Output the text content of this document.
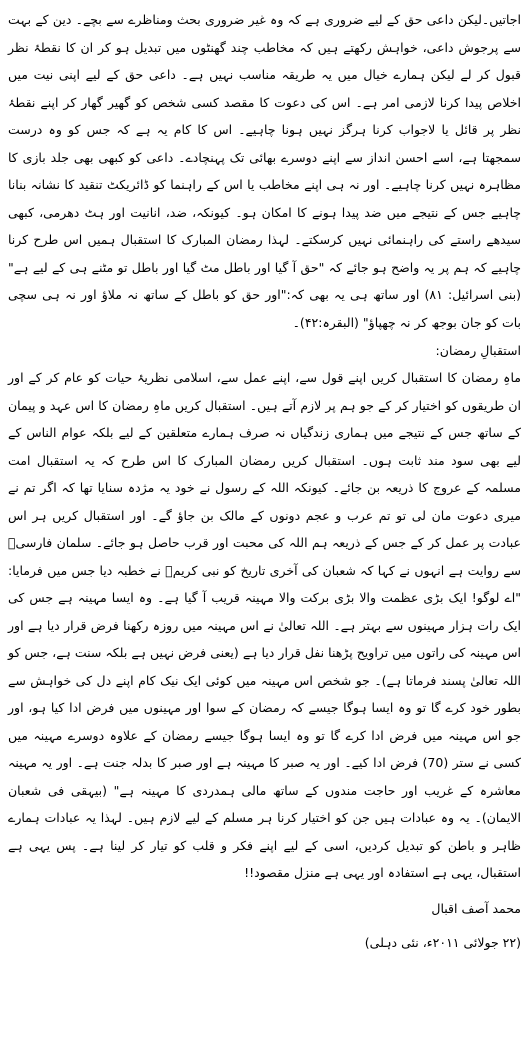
اجاتیں۔لیکن داعی حق کے لیے ضروری ہے کہ وہ غیر ضروری بحث ومناظرے سے بچے۔ دین کے بہت سے پرجوش داعی، خواہش رکھتے ہیں کہ مخاطب چند گھنٹوں میں تبدیل ہو کر ان کا نقطۂ نظر قبول کر لے لیکن ہمارے خیال میں یہ طریقہ مناسب نہیں ہے۔ داعی حق کے لیے اپنی نیت میں اخلاص پیدا کرنا لازمی امر ہے۔ اس کی دعوت کا مقصد کسی شخص کو گھیر گھار کر اپنے نقطۂ نظر پر قائل یا لاجواب کرنا ہرگز نہیں ہونا چاہیے۔ اس کا کام یہ ہے کہ جس کو وہ درست سمجھتا ہے، اسے احسن انداز سے اپنے دوسرے بھائی تک پہنچادے۔ داعی کو کبھی بھی جلد بازی کا مظاہرہ نہیں کرنا چاہیے۔ اور نہ ہی اپنے مخاطب یا اس کے راہنما کو ڈائریکٹ تنقید کا نشانہ بنانا چاہیے جس کے نتیجے میں ضد پیدا ہونے کا امکان ہو۔ کیونکہ، ضد، انانیت اور ہٹ دھرمی، کبھی سیدھے راستے کی راہنمائی نہیں کرسکتے۔ لہذا رمضان المبارک کا استقبال ہمیں اس طرح کرنا چاہیے کہ ہم پر یہ واضح ہو جائے کہ "حق آ گیا اور باطل مٹ گیا اور باطل تو مٹنے ہی کے لیے ہے" (بنی اسرائیل: ۸۱) اور ساتھ ہی یہ بھی کہ:"اور حق کو باطل کے ساتھ نہ ملاؤ اور نہ ہی سچی بات کو جان بوجھ کر نہ چھپاؤ" (البقرہ:۴۲)۔

استقبالِ رمضان:

ماہِ رمضان کا استقبال کریں اپنے قول سے، اپنے عمل سے، اسلامی نظریۂ حیات کو عام کر کے اور ان طریقوں کو اختیار کر کے جو ہم پر لازم آتے ہیں۔ استقبال کریں ماہِ رمضان کا اس عہد و پیمان کے ساتھ جس کے نتیجے میں ہماری زندگیاں نہ صرف ہمارے متعلقین کے لیے بلکہ عوام الناس کے لیے بھی سود مند ثابت ہوں۔ استقبال کریں رمضان المبارک کا اس طرح کہ یہ استقبال امت مسلمہ کے عروج کا ذریعہ بن جائے۔ کیونکہ اللہ کے رسول نے خود یہ مژدہ سنایا تھا کہ اگر تم نے میری دعوت مان لی تو تم عرب و عجم دونوں کے مالک بن جاؤ گے۔ اور استقبال کریں ہر اس عبادت پر عمل کر کے جس کے ذریعہ ہم اللہ کی محبت اور قرب حاصل ہو جائے۔ سلمان فارسیؓ سے روایت ہے انہوں نے کہا کہ شعبان کی آخری تاریخ کو نبی کریمؐ نے خطبہ دیا جس میں فرمایا: "اے لوگو! ایک بڑی عظمت والا بڑی برکت والا مہینہ قریب آ گیا ہے۔ وہ ایسا مہینہ ہے جس کی ایک رات ہزار مہینوں سے بہتر ہے۔ اللہ تعالیٰ نے اس مہینہ میں روزہ رکھنا فرض قرار دیا ہے اور اس مہینہ کی راتوں میں تراویح پڑھنا نفل قرار دیا ہے (یعنی فرض نہیں ہے بلکہ سنت ہے، جس کو اللہ تعالیٰ پسند فرماتا ہے)۔ جو شخص اس مہینہ میں کوئی ایک نیک کام اپنے دل کی خواہش سے بطور خود کرے گا تو وہ ایسا ہوگا جیسے کہ رمضان کے سوا اور مہینوں میں فرض ادا کیا ہو، اور جو اس مہینہ میں فرض ادا کرے گا تو وہ ایسا ہوگا جیسے رمضان کے علاوہ دوسرے مہینہ میں کسی نے ستر (70) فرض ادا کیے۔ اور یہ صبر کا مہینہ ہے اور صبر کا بدلہ جنت ہے۔ اور یہ مہینہ معاشرہ کے غریب اور حاجت مندوں کے ساتھ مالی ہمدردی کا مہینہ ہے" (بیہقی فی شعبان الایمان)۔ یہ وہ عبادات ہیں جن کو اختیار کرنا ہر مسلم کے لیے لازم ہیں۔ لہذا یہ عبادات ہمارے ظاہر و باطن کو تبدیل کردیں، اسی کے لیے اپنے فکر و قلب کو تیار کر لینا ہے۔ پس یہی ہے استقبال، یہی ہے استفادہ اور یہی ہے منزل مقصود!!

محمد آصف اقبال

(۲۲ جولائی ۲۰۱۱ء، نئی دہلی)
